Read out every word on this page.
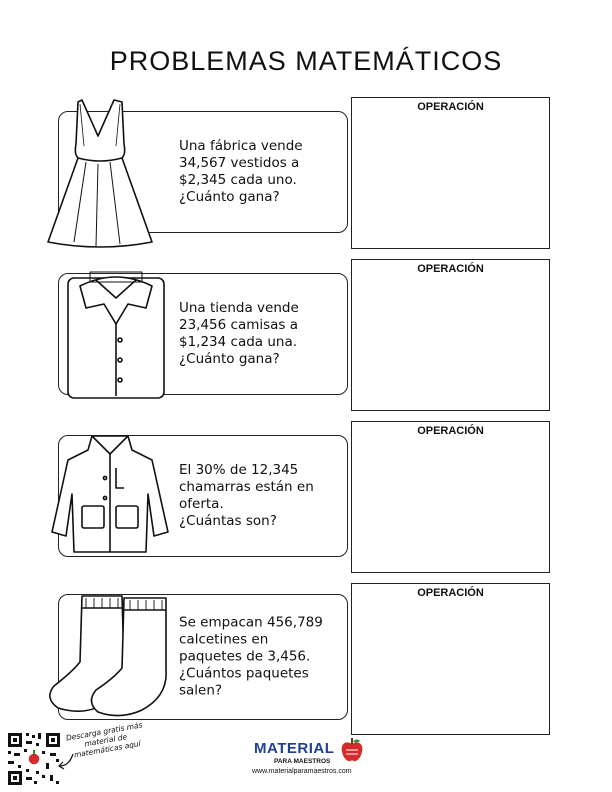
PROBLEMAS MATEMÁTICOS
Una fábrica vende
34,567 vestidos a
$2,345 cada uno.
¿Cuánto gana?
OPERACIÓN
Una tienda vende
23,456 camisas a
$1,234 cada una.
¿Cuánto gana?
OPERACIÓN
El 30% de 12,345
chamarras están en
oferta.
¿Cuántas son?
OPERACIÓN
Se empacan 456,789
calcetines en
paquetes de 3,456.
¿Cuántos paquetes
salen?
OPERACIÓN
Descarga gratis más material de matemáticas aquí	MATERIAL
PARA MAESTROS
www.materialparamaestros.com
